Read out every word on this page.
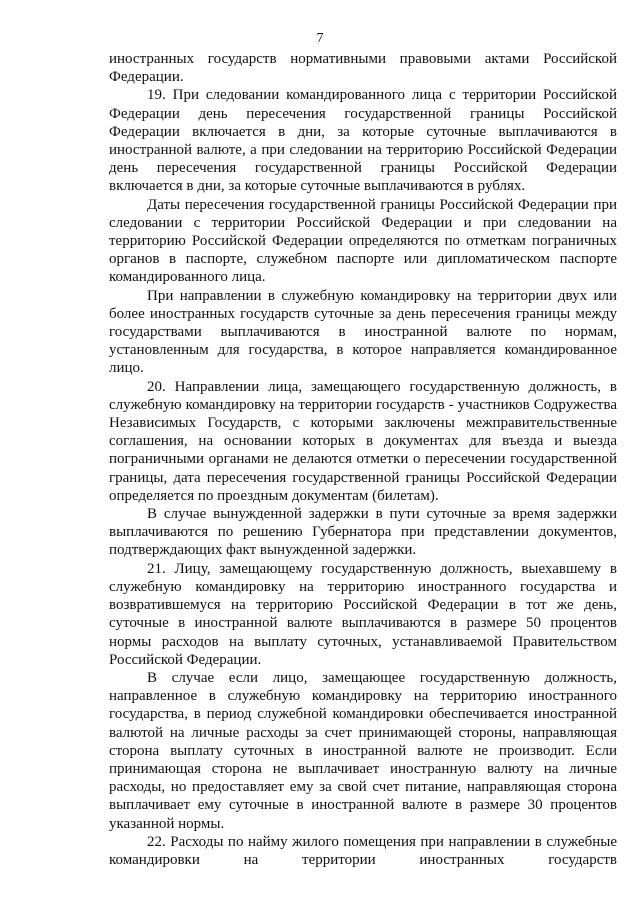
7

иностранных государств нормативными правовыми актами Российской Федерации.

19. При следовании командированного лица с территории Российской Федерации день пересечения государственной границы Российской Федерации включается в дни, за которые суточные выплачиваются в иностранной валюте, а при следовании на территорию Российской Федерации день пересечения государственной границы Российской Федерации включается в дни, за которые суточные выплачиваются в рублях.

Даты пересечения государственной границы Российской Федерации при следовании с территории Российской Федерации и при следовании на территорию Российской Федерации определяются по отметкам пограничных органов в паспорте, служебном паспорте или дипломатическом паспорте командированного лица.

При направлении в служебную командировку на территории двух или более иностранных государств суточные за день пересечения границы между государствами выплачиваются в иностранной валюте по нормам, установленным для государства, в которое направляется командированное лицо.

20. Направлении лица, замещающего государственную должность, в служебную командировку на территории государств - участников Содружества Независимых Государств, с которыми заключены межправительственные соглашения, на основании которых в документах для въезда и выезда пограничными органами не делаются отметки о пересечении государственной границы, дата пересечения государственной границы Российской Федерации определяется по проездным документам (билетам).

В случае вынужденной задержки в пути суточные за время задержки выплачиваются по решению Губернатора при представлении документов, подтверждающих факт вынужденной задержки.

21. Лицу, замещающему государственную должность, выехавшему в служебную командировку на территорию иностранного государства и возвратившемуся на территорию Российской Федерации в тот же день, суточные в иностранной валюте выплачиваются в размере 50 процентов нормы расходов на выплату суточных, устанавливаемой Правительством Российской Федерации.

В случае если лицо, замещающее государственную должность, направленное в служебную командировку на территорию иностранного государства, в период служебной командировки обеспечивается иностранной валютой на личные расходы за счет принимающей стороны, направляющая сторона выплату суточных в иностранной валюте не производит. Если принимающая сторона не выплачивает иностранную валюту на личные расходы, но предоставляет ему за свой счет питание, направляющая сторона выплачивает ему суточные в иностранной валюте в размере 30 процентов указанной нормы.

22. Расходы по найму жилого помещения при направлении в служебные командировки на территории иностранных государств
